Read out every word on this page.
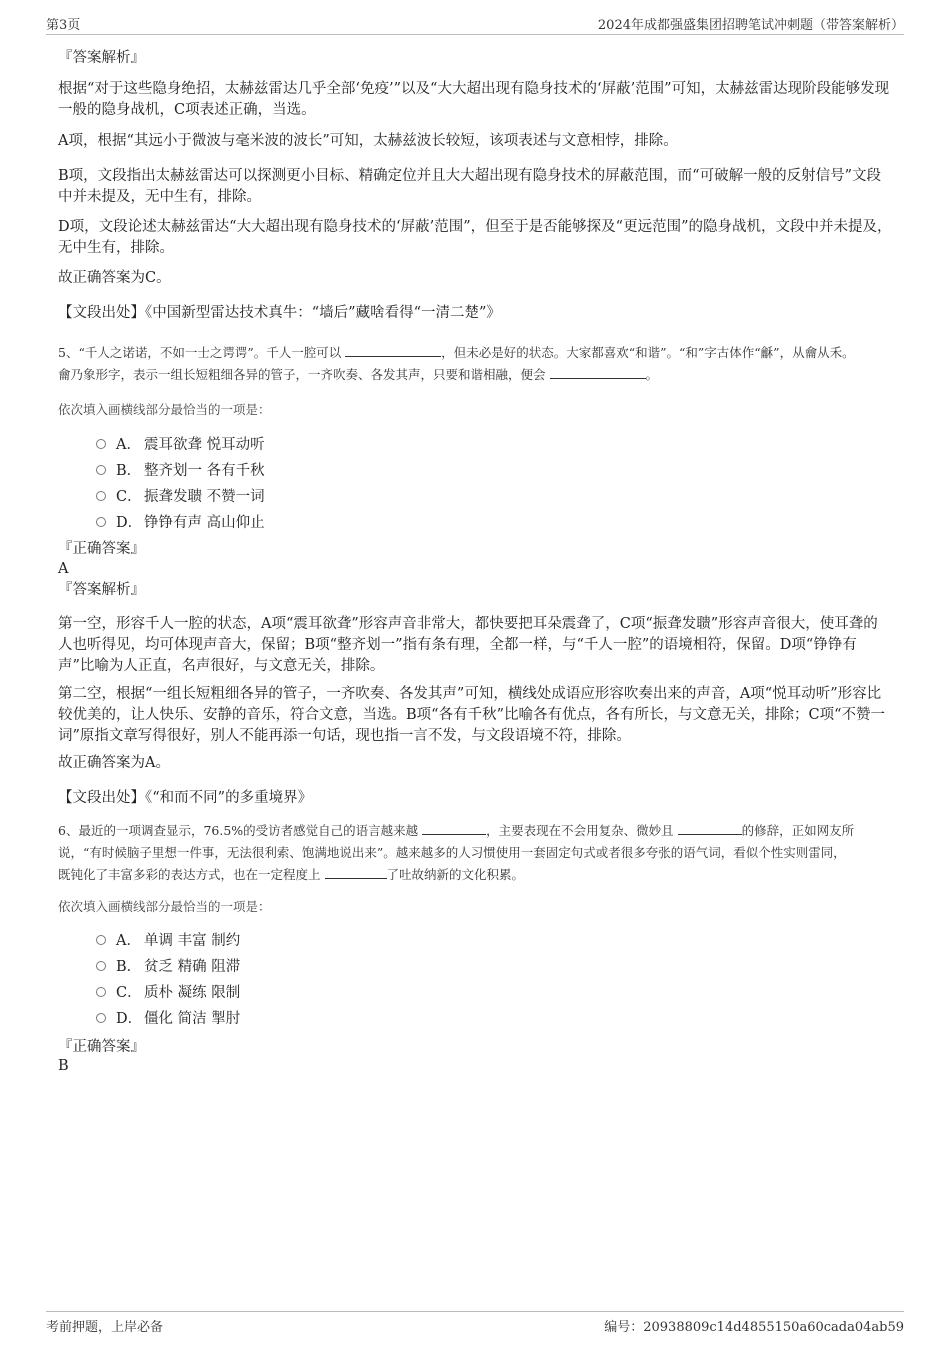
第3页	2024年成都强盛集团招聘笔试冲刺题（带答案解析）
『答案解析』
根据“对于这些隐身绝招，太赫兹雷达几乎全部‘免疫’”以及“大大超出现有隐身技术的‘屏蔽’范围”可知，太赫兹雷达现阶段能够发现一般的隐身战机，C项表述正确，当选。
A项，根据“其远小于微波与毫米波的波长”可知，太赫兹波长较短，该项表述与文意相悖，排除。
B项，文段指出太赫兹雷达可以探测更小目标、精确定位并且大大超出现有隐身技术的屏蔽范围，而“可破解一般的反射信号”文段中并未提及，无中生有，排除。
D项，文段论述太赫兹雷达“大大超出现有隐身技术的‘屏蔽’范围”，但至于是否能够探及“更远范围”的隐身战机，文段中并未提及，无中生有，排除。
故正确答案为C。
【文段出处】《中国新型雷达技术真牛：“墙后”藏啥看得“一清二楚”》
5、“千人之诺诺，不如一士之谔谔”。千人一腔可以	，但未必是好的状态。大家都喜欢“和谐”。“和”字古体作“龢”，从龠从禾。
龠乃象形字，表示一组长短粗细各异的管子，一齐吹奏、各发其声，只要和谐相融，便会	。
依次填入画横线部分最恰当的一项是：
A． 震耳欲聋 悦耳动听
B． 整齐划一 各有千秋
C． 振聋发聩 不赞一词
D． 铮铮有声 高山仰止
『正确答案』
A
『答案解析』
第一空，形容千人一腔的状态，A项“震耳欲聋”形容声音非常大，都快要把耳朵震聋了，C项“振聋发聩”形容声音很大，使耳聋的人也听得见，均可体现声音大，保留；B项“整齐划一”指有条有理，全都一样，与“千人一腔”的语境相符，保留。D项“铮铮有声”比喻为人正直，名声很好，与文意无关，排除。
第二空，根据“一组长短粗细各异的管子，一齐吹奏、各发其声”可知，横线处成语应形容吹奏出来的声音，A项“悦耳动听”形容比较优美的，让人快乐、安静的音乐，符合文意，当选。B项“各有千秋”比喻各有优点，各有所长，与文意无关，排除；C项“不赞一词”原指文章写得很好，别人不能再添一句话，现也指一言不发，与文段语境不符，排除。
故正确答案为A。
【文段出处】《“和而不同”的多重境界》
6、最近的一项调查显示，76.5%的受访者感觉自己的语言越来越	，主要表现在不会用复杂、微妙且	的修辞，正如网友所
说，“有时候脑子里想一件事，无法很利索、饱满地说出来”。越来越多的人习惯使用一套固定句式或者很多夸张的语气词，看似个性实则雷同，
既钝化了丰富多彩的表达方式，也在一定程度上	了吐故纳新的文化积累。
依次填入画横线部分最恰当的一项是：
A． 单调 丰富 制约
B． 贫乏 精确 阻滞
C． 质朴 凝练 限制
D． 僵化 简洁 掣肘
『正确答案』
B
考前押题，上岸必备	编号：20938809c14d4855150a60cada04ab59
